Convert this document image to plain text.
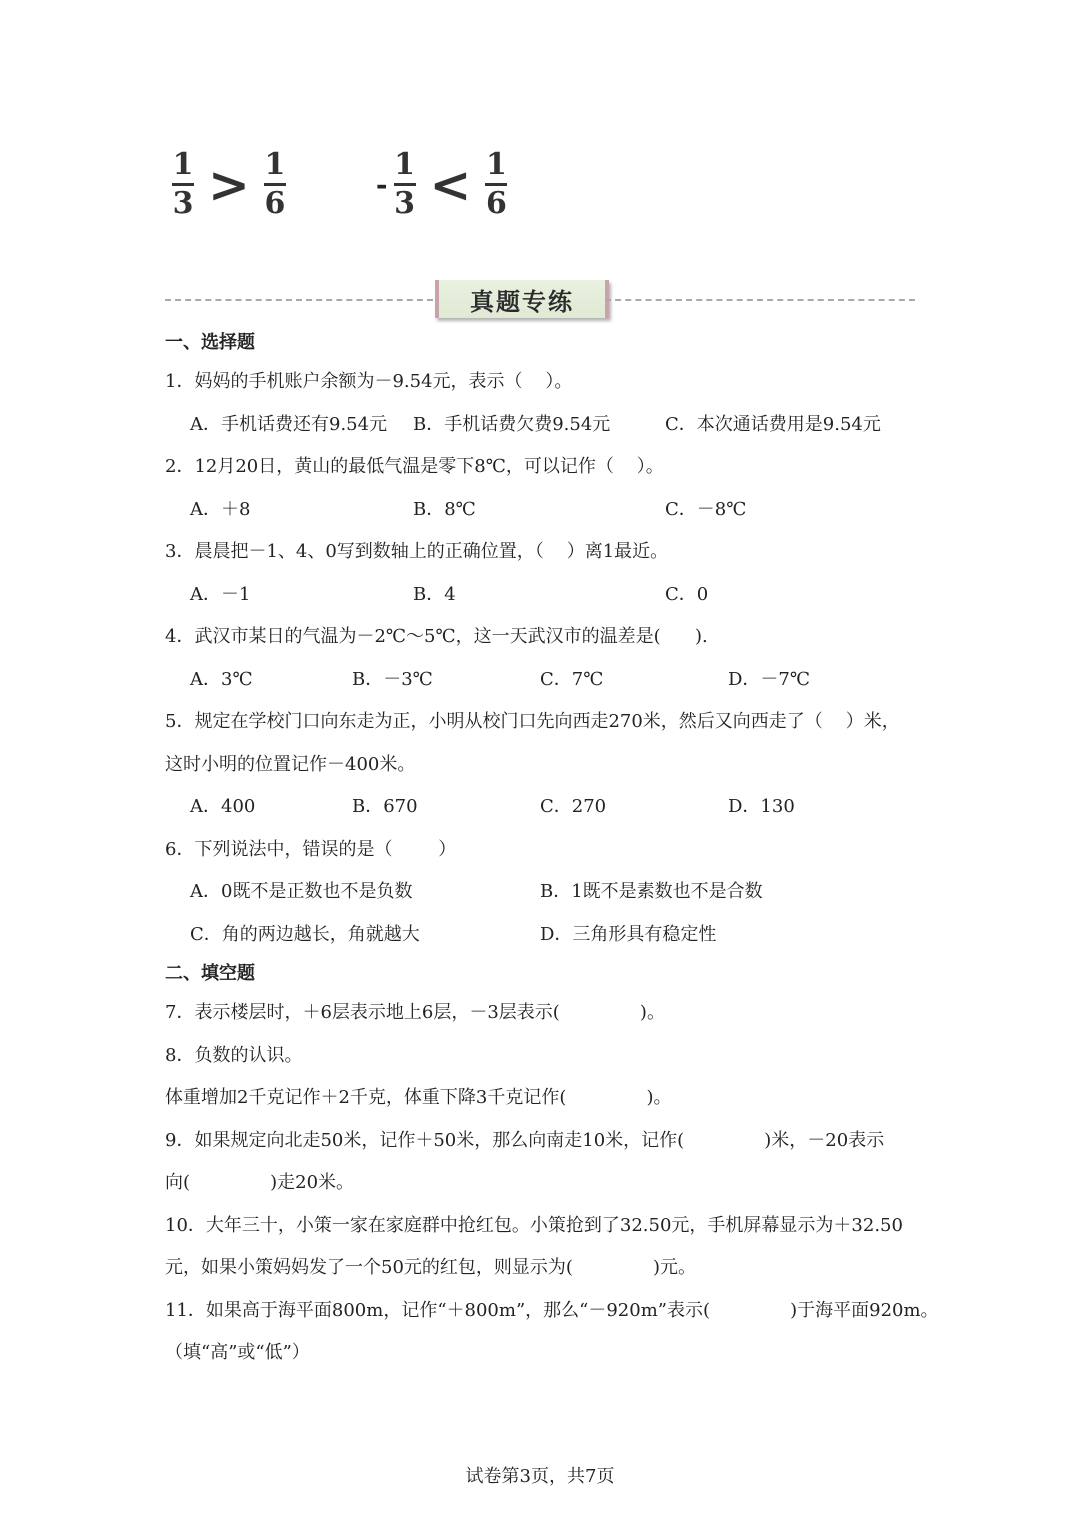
$\frac{1}{3} > \frac{1}{6}$	- $\frac{1}{3} < \frac{1}{6}$
真题专练
一、选择题
1．妈妈的手机账户余额为－9.54元，表示（    ）。
A．手机话费还有9.54元 B．手机话费欠费9.54元	C．本次通话费用是9.54元
2．12月20日，黄山的最低气温是零下8℃，可以记作（    ）。
A．＋8	B．8℃	C．－8℃
3．晨晨把－1、4、0写到数轴上的正确位置，（    ）离1最近。
A．－1	B．4	C．0
4．武汉市某日的气温为－2℃～5℃，这一天武汉市的温差是(      ).
A．3℃	B．－3℃	C．7℃	D．－7℃
5．规定在学校门口向东走为正，小明从校门口先向西走270米，然后又向西走了（    ）米，
这时小明的位置记作－400米。
A．400	B．670	C．270	D．130
6．下列说法中，错误的是（        ）
A．0既不是正数也不是负数	B．1既不是素数也不是合数
C．角的两边越长，角就越大	D．三角形具有稳定性
二、填空题
7．表示楼层时，＋6层表示地上6层，－3层表示(              )。
8．负数的认识。
体重增加2千克记作＋2千克，体重下降3千克记作(              )。
9．如果规定向北走50米，记作＋50米，那么向南走10米，记作(              )米，－20表示
向(              )走20米。
10．大年三十，小策一家在家庭群中抢红包。小策抢到了32.50元，手机屏幕显示为＋32.50
元，如果小策妈妈发了一个50元的红包，则显示为(              )元。
11．如果高于海平面800m，记作“＋800m”，那么“－920m”表示(              )于海平面920m。
（填“高”或“低”）
试卷第3页，共7页
